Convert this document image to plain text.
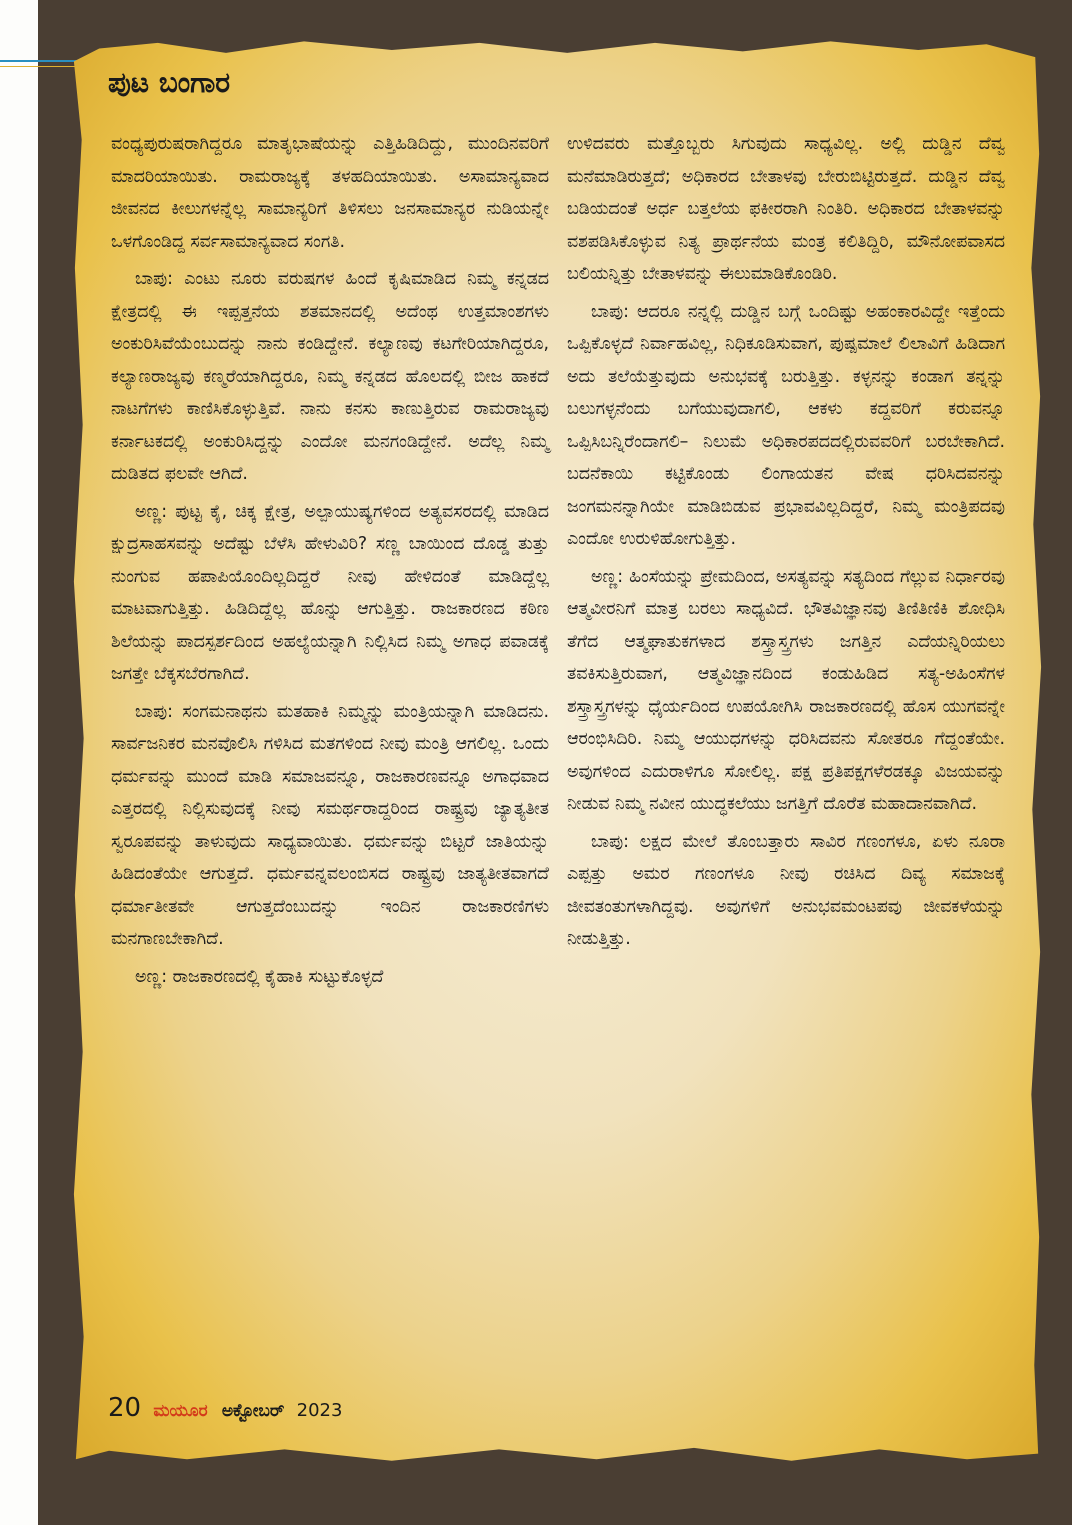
ಪುಟ ಬಂಗಾರ

ವಂಧ್ಯಪುರುಷರಾಗಿದ್ದರೂ ಮಾತೃಭಾಷೆಯನ್ನು ಎತ್ತಿಹಿಡಿದಿದ್ದು, ಮುಂದಿನವರಿಗೆ ಮಾದರಿಯಾಯಿತು. ರಾಮರಾಜ್ಯಕ್ಕೆ ತಳಹದಿಯಾಯಿತು. ಅಸಾಮಾನ್ಯವಾದ ಜೀವನದ ಕೀಲುಗಳನ್ನೆಲ್ಲ ಸಾಮಾನ್ಯರಿಗೆ ತಿಳಿಸಲು ಜನಸಾಮಾನ್ಯರ ನುಡಿಯನ್ನೇ ಒಳಗೊಂಡಿದ್ದ ಸರ್ವಸಾಮಾನ್ಯವಾದ ಸಂಗತಿ.

ಬಾಪು: ಎಂಟು ನೂರು ವರುಷಗಳ ಹಿಂದೆ ಕೃಷಿಮಾಡಿದ ನಿಮ್ಮ ಕನ್ನಡದ ಕ್ಷೇತ್ರದಲ್ಲಿ ಈ ಇಪ್ಪತ್ತನೆಯ ಶತಮಾನದಲ್ಲಿ ಅದೆಂಥ ಉತ್ತಮಾಂಶಗಳು ಅಂಕುರಿಸಿವೆಯೆಂಬುದನ್ನು ನಾನು ಕಂಡಿದ್ದೇನೆ. ಕಲ್ಯಾಣವು ಕಟಗೇರಿಯಾಗಿದ್ದರೂ, ಕಲ್ಯಾಣರಾಜ್ಯವು ಕಣ್ಮರೆಯಾಗಿದ್ದರೂ, ನಿಮ್ಮ ಕನ್ನಡದ ಹೊಲದಲ್ಲಿ ಬೀಜ ಹಾಕದೆ ನಾಟಗೆಗಳು ಕಾಣಿಸಿಕೊಳ್ಳುತ್ತಿವೆ. ನಾನು ಕನಸು ಕಾಣುತ್ತಿರುವ ರಾಮರಾಜ್ಯವು ಕರ್ನಾಟಕದಲ್ಲಿ ಅಂಕುರಿಸಿದ್ದನ್ನು ಎಂದೋ ಮನಗಂಡಿದ್ದೇನೆ. ಅದೆಲ್ಲ ನಿಮ್ಮ ದುಡಿತದ ಫಲವೇ ಆಗಿದೆ.

ಅಣ್ಣ: ಪುಟ್ಟ ಕೈ, ಚಿಕ್ಕ ಕ್ಷೇತ್ರ, ಅಲ್ಪಾಯುಷ್ಯಗಳಿಂದ ಅತ್ಯವಸರದಲ್ಲಿ ಮಾಡಿದ ಕ್ಷುದ್ರಸಾಹಸವನ್ನು ಅದೆಷ್ಟು ಬೆಳೆಸಿ ಹೇಳುವಿರಿ? ಸಣ್ಣ ಬಾಯಿಂದ ದೊಡ್ಡ ತುತ್ತು ನುಂಗುವ ಹಪಾಪಿಯೊಂದಿಲ್ಲದಿದ್ದರೆ ನೀವು ಹೇಳಿದಂತೆ ಮಾಡಿದ್ದೆಲ್ಲ ಮಾಟವಾಗುತ್ತಿತ್ತು. ಹಿಡಿದಿದ್ದೆಲ್ಲ ಹೊನ್ನು ಆಗುತ್ತಿತ್ತು. ರಾಜಕಾರಣದ ಕಠಿಣ ಶಿಲೆಯನ್ನು ಪಾದಸ್ಪರ್ಶದಿಂದ ಅಹಲ್ಯೆಯನ್ನಾಗಿ ನಿಲ್ಲಿಸಿದ ನಿಮ್ಮ ಅಗಾಧ ಪವಾಡಕ್ಕೆ ಜಗತ್ತೇ ಬೆಕ್ಕಸಬೆರಗಾಗಿದೆ.

ಬಾಪು: ಸಂಗಮನಾಥನು ಮತಹಾಕಿ ನಿಮ್ಮನ್ನು ಮಂತ್ರಿಯನ್ನಾಗಿ ಮಾಡಿದನು. ಸಾರ್ವಜನಿಕರ ಮನವೊಲಿಸಿ ಗಳಿಸಿದ ಮತಗಳಿಂದ ನೀವು ಮಂತ್ರಿ ಆಗಲಿಲ್ಲ. ಒಂದು ಧರ್ಮವನ್ನು ಮುಂದೆ ಮಾಡಿ ಸಮಾಜವನ್ನೂ, ರಾಜಕಾರಣವನ್ನೂ ಅಗಾಧವಾದ ಎತ್ತರದಲ್ಲಿ ನಿಲ್ಲಿಸುವುದಕ್ಕೆ ನೀವು ಸಮರ್ಥರಾದ್ದರಿಂದ ರಾಷ್ಟ್ರವು ಜ್ಯಾತ್ಯತೀತ ಸ್ವರೂಪವನ್ನು ತಾಳುವುದು ಸಾಧ್ಯವಾಯಿತು. ಧರ್ಮವನ್ನು ಬಿಟ್ಟರೆ ಜಾತಿಯನ್ನು ಹಿಡಿದಂತೆಯೇ ಆಗುತ್ತದೆ. ಧರ್ಮವನ್ನವಲಂಬಿಸದ ರಾಷ್ಟ್ರವು ಜಾತ್ಯತೀತವಾಗದೆ ಧರ್ಮಾತೀತವೇ ಆಗುತ್ತದೆಂಬುದನ್ನು ಇಂದಿನ ರಾಜಕಾರಣಿಗಳು ಮನಗಾಣಬೇಕಾಗಿದೆ.

ಅಣ್ಣ: ರಾಜಕಾರಣದಲ್ಲಿ ಕೈಹಾಕಿ ಸುಟ್ಟುಕೊಳ್ಳದೆ

ಉಳಿದವರು ಮತ್ತೊಬ್ಬರು ಸಿಗುವುದು ಸಾಧ್ಯವಿಲ್ಲ. ಅಲ್ಲಿ ದುಡ್ಡಿನ ದೆವ್ವ ಮನೆಮಾಡಿರುತ್ತದೆ; ಅಧಿಕಾರದ ಬೇತಾಳವು ಬೇರುಬಿಟ್ಟಿರುತ್ತದೆ. ದುಡ್ಡಿನ ದೆವ್ವ ಬಡಿಯದಂತೆ ಅರ್ಧ ಬತ್ತಲೆಯ ಫಕೀರರಾಗಿ ನಿಂತಿರಿ. ಅಧಿಕಾರದ ಬೇತಾಳವನ್ನು ವಶಪಡಿಸಿಕೊಳ್ಳುವ ನಿತ್ಯ ಪ್ರಾರ್ಥನೆಯ ಮಂತ್ರ ಕಲಿತಿದ್ದಿರಿ, ಮೌನೋಪವಾಸದ ಬಲಿಯನ್ನಿತ್ತು ಬೇತಾಳವನ್ನು ಈಲುಮಾಡಿಕೊಂಡಿರಿ.

ಬಾಪು: ಆದರೂ ನನ್ನಲ್ಲಿ ದುಡ್ಡಿನ ಬಗ್ಗೆ ಒಂದಿಷ್ಟು ಅಹಂಕಾರವಿದ್ದೇ ಇತ್ತೆಂದು ಒಪ್ಪಿಕೊಳ್ಳದೆ ನಿರ್ವಾಹವಿಲ್ಲ, ನಿಧಿಕೂಡಿಸುವಾಗ, ಪುಷ್ಪಮಾಲೆ ಲಿಲಾವಿಗೆ ಹಿಡಿದಾಗ ಅದು ತಲೆಯೆತ್ತುವುದು ಅನುಭವಕ್ಕೆ ಬರುತ್ತಿತ್ತು. ಕಳ್ಳನನ್ನು ಕಂಡಾಗ ತನ್ನನ್ನು ಬಲುಗಳ್ಳನೆಂದು ಬಗೆಯುವುದಾಗಲಿ, ಆಕಳು ಕದ್ದವರಿಗೆ ಕರುವನ್ನೂ ಒಪ್ಪಿಸಿಬನ್ನಿರೆಂದಾಗಲಿ– ನಿಲುಮೆ ಅಧಿಕಾರಪದದಲ್ಲಿರುವವರಿಗೆ ಬರಬೇಕಾಗಿದೆ. ಬದನೆಕಾಯಿ ಕಟ್ಟಿಕೊಂಡು ಲಿಂಗಾಯತನ ವೇಷ ಧರಿಸಿದವನನ್ನು ಜಂಗಮನನ್ನಾಗಿಯೇ ಮಾಡಿಬಿಡುವ ಪ್ರಭಾವವಿಲ್ಲದಿದ್ದರೆ, ನಿಮ್ಮ ಮಂತ್ರಿಪದವು ಎಂದೋ ಉರುಳಿಹೋಗುತ್ತಿತ್ತು.

ಅಣ್ಣ: ಹಿಂಸೆಯನ್ನು ಪ್ರೇಮದಿಂದ, ಅಸತ್ಯವನ್ನು ಸತ್ಯದಿಂದ ಗೆಲ್ಲುವ ನಿರ್ಧಾರವು ಆತ್ಮವೀರನಿಗೆ ಮಾತ್ರ ಬರಲು ಸಾಧ್ಯವಿದೆ. ಭೌತವಿಜ್ಞಾನವು ತಿಣಿತಿಣಿಕಿ ಶೋಧಿಸಿ ತೆಗೆದ ಆತ್ಮಘಾತುಕಗಳಾದ ಶಸ್ತ್ರಾಸ್ತ್ರಗಳು ಜಗತ್ತಿನ ಎದೆಯನ್ನಿರಿಯಲು ತವಕಿಸುತ್ತಿರುವಾಗ, ಆತ್ಮವಿಜ್ಞಾನದಿಂದ ಕಂಡುಹಿಡಿದ ಸತ್ಯ-ಅಹಿಂಸೆಗಳ ಶಸ್ತ್ರಾಸ್ತ್ರಗಳನ್ನು ಧೈರ್ಯದಿಂದ ಉಪಯೋಗಿಸಿ ರಾಜಕಾರಣದಲ್ಲಿ ಹೊಸ ಯುಗವನ್ನೇ ಆರಂಭಿಸಿದಿರಿ. ನಿಮ್ಮ ಆಯುಧಗಳನ್ನು ಧರಿಸಿದವನು ಸೋತರೂ ಗೆದ್ದಂತೆಯೇ. ಅವುಗಳಿಂದ ಎದುರಾಳಿಗೂ ಸೋಲಿಲ್ಲ. ಪಕ್ಷ ಪ್ರತಿಪಕ್ಷಗಳೆರಡಕ್ಕೂ ವಿಜಯವನ್ನು ನೀಡುವ ನಿಮ್ಮ ನವೀನ ಯುದ್ಧಕಲೆಯು ಜಗತ್ತಿಗೆ ದೊರೆತ ಮಹಾದಾನವಾಗಿದೆ.

ಬಾಪು: ಲಕ್ಷದ ಮೇಲೆ ತೊಂಬತ್ತಾರು ಸಾವಿರ ಗಣಂಗಳೂ, ಏಳು ನೂರಾ ಎಪ್ಪತ್ತು ಅಮರ ಗಣಂಗಳೂ ನೀವು ರಚಿಸಿದ ದಿವ್ಯ ಸಮಾಜಕ್ಕೆ ಜೀವತಂತುಗಳಾಗಿದ್ದವು. ಅವುಗಳಿಗೆ ಅನುಭವಮಂಟಪವು ಜೀವಕಳೆಯನ್ನು ನೀಡುತ್ತಿತ್ತು.

20 ಮಯೂರ ಅಕ್ಟೋಬರ್ 2023
